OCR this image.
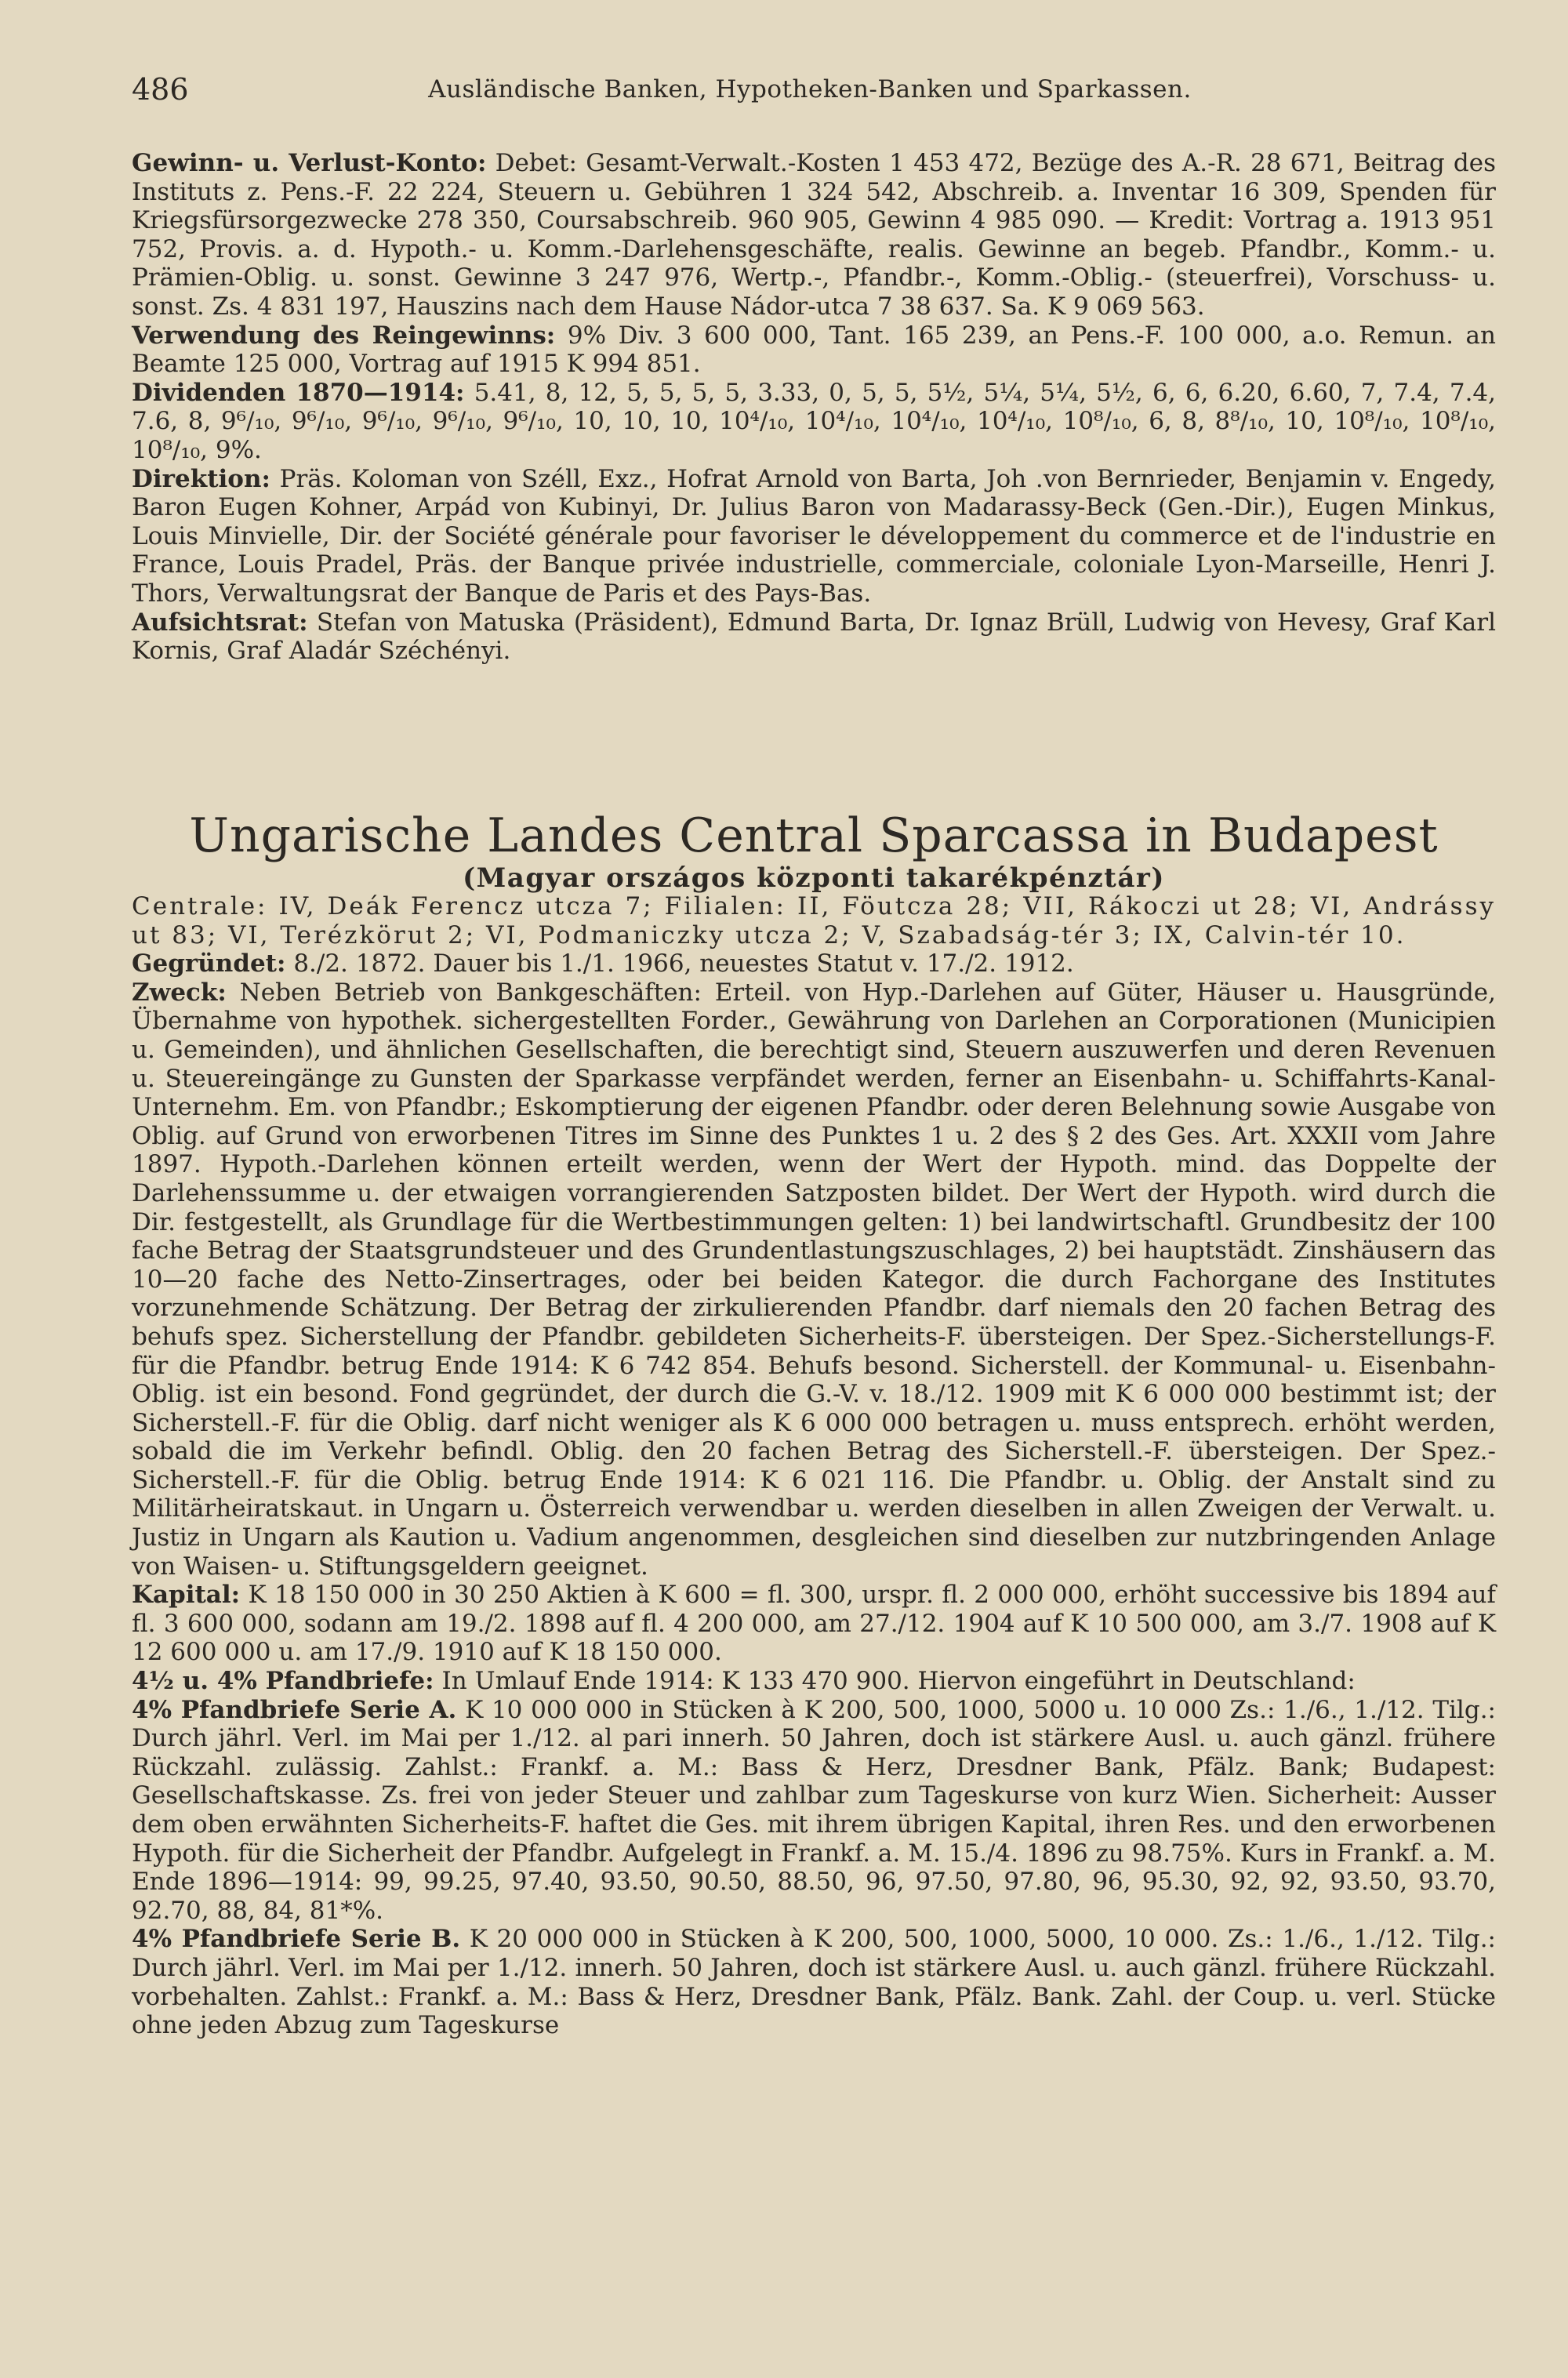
486	Ausländische Banken, Hypotheken-Banken und Sparkassen.

Gewinn- u. Verlust-Konto: Debet: Gesamt-Verwalt.-Kosten 1 453 472, Bezüge des A.-R. 28 671, Beitrag des Instituts z. Pens.-F. 22 224, Steuern u. Gebühren 1 324 542, Abschreib. a. Inventar 16 309, Spenden für Kriegsfürsorgezwecke 278 350, Coursabschreib. 960 905, Gewinn 4 985 090. — Kredit: Vortrag a. 1913 951 752, Provis. a. d. Hypoth.- u. Komm.-Darlehensgeschäfte, realis. Gewinne an begeb. Pfandbr., Komm.- u. Prämien-Oblig. u. sonst. Gewinne 3 247 976, Wertp.-, Pfandbr.-, Komm.-Oblig.- (steuerfrei), Vorschuss- u. sonst. Zs. 4 831 197, Hauszins nach dem Hause Nádor-utca 7 38 637. Sa. K 9 069 563.

Verwendung des Reingewinns: 9% Div. 3 600 000, Tant. 165 239, an Pens.-F. 100 000, a.o. Remun. an Beamte 125 000, Vortrag auf 1915 K 994 851.

Dividenden 1870—1914: 5.41, 8, 12, 5, 5, 5, 5, 3.33, 0, 5, 5, 5½, 5¼, 5¼, 5½, 6, 6, 6.20, 6.60, 7, 7.4, 7.4, 7.6, 8, 9⁶/₁₀, 9⁶/₁₀, 9⁶/₁₀, 9⁶/₁₀, 9⁶/₁₀, 10, 10, 10, 10⁴/₁₀, 10⁴/₁₀, 10⁴/₁₀, 10⁴/₁₀, 10⁸/₁₀, 6, 8, 8⁸/₁₀, 10, 10⁸/₁₀, 10⁸/₁₀, 10⁸/₁₀, 9%.

Direktion: Präs. Koloman von Széll, Exz., Hofrat Arnold von Barta, Joh .von Bernrieder, Benjamin v. Engedy, Baron Eugen Kohner, Arpád von Kubinyi, Dr. Julius Baron von Madarassy-Beck (Gen.-Dir.), Eugen Minkus, Louis Minvielle, Dir. der Société générale pour favoriser le développement du commerce et de l'industrie en France, Louis Pradel, Präs. der Banque privée industrielle, commerciale, coloniale Lyon-Marseille, Henri J. Thors, Verwaltungsrat der Banque de Paris et des Pays-Bas.

Aufsichtsrat: Stefan von Matuska (Präsident), Edmund Barta, Dr. Ignaz Brüll, Ludwig von Hevesy, Graf Karl Kornis, Graf Aladár Széchényi.

Ungarische Landes Central Sparcassa in Budapest
(Magyar országos központi takarékpénztár)

Centrale: IV, Deák Ferencz utcza 7; Filialen: II, Föutcza 28; VII, Rákoczi ut 28; VI, Andrássy ut 83; VI, Terézkörut 2; VI, Podmaniczky utcza 2; V, Szabadság-tér 3; IX, Calvin-tér 10.

Gegründet: 8./2. 1872. Dauer bis 1./1. 1966, neuestes Statut v. 17./2. 1912.

Zweck: Neben Betrieb von Bankgeschäften: Erteil. von Hyp.-Darlehen auf Güter, Häuser u. Hausgründe, Übernahme von hypothek. sichergestellten Forder., Gewährung von Darlehen an Corporationen (Municipien u. Gemeinden), und ähnlichen Gesellschaften, die berechtigt sind, Steuern auszuwerfen und deren Revenuen u. Steuereingänge zu Gunsten der Sparkasse verpfändet werden, ferner an Eisenbahn- u. Schiffahrts-Kanal-Unternehm. Em. von Pfandbr.; Eskomptierung der eigenen Pfandbr. oder deren Belehnung sowie Ausgabe von Oblig. auf Grund von erworbenen Titres im Sinne des Punktes 1 u. 2 des § 2 des Ges. Art. XXXII vom Jahre 1897. Hypoth.-Darlehen können erteilt werden, wenn der Wert der Hypoth. mind. das Doppelte der Darlehenssumme u. der etwaigen vorrangierenden Satzposten bildet. Der Wert der Hypoth. wird durch die Dir. festgestellt, als Grundlage für die Wertbestimmungen gelten: 1) bei landwirtschaftl. Grundbesitz der 100 fache Betrag der Staatsgrundsteuer und des Grundentlastungszuschlages, 2) bei hauptstädt. Zinshäusern das 10—20 fache des Netto-Zinsertrages, oder bei beiden Kategor. die durch Fachorgane des Institutes vorzunehmende Schätzung. Der Betrag der zirkulierenden Pfandbr. darf niemals den 20 fachen Betrag des behufs spez. Sicherstellung der Pfandbr. gebildeten Sicherheits-F. übersteigen. Der Spez.-Sicherstellungs-F. für die Pfandbr. betrug Ende 1914: K 6 742 854. Behufs besond. Sicherstell. der Kommunal- u. Eisenbahn-Oblig. ist ein besond. Fond gegründet, der durch die G.-V. v. 18./12. 1909 mit K 6 000 000 bestimmt ist; der Sicherstell.-F. für die Oblig. darf nicht weniger als K 6 000 000 betragen u. muss entsprech. erhöht werden, sobald die im Verkehr befindl. Oblig. den 20 fachen Betrag des Sicherstell.-F. übersteigen. Der Spez.-Sicherstell.-F. für die Oblig. betrug Ende 1914: K 6 021 116. Die Pfandbr. u. Oblig. der Anstalt sind zu Militärheiratskaut. in Ungarn u. Österreich verwendbar u. werden dieselben in allen Zweigen der Verwalt. u. Justiz in Ungarn als Kaution u. Vadium angenommen, desgleichen sind dieselben zur nutzbringenden Anlage von Waisen- u. Stiftungsgeldern geeignet.

Kapital: K 18 150 000 in 30 250 Aktien à K 600 = fl. 300, urspr. fl. 2 000 000, erhöht successive bis 1894 auf fl. 3 600 000, sodann am 19./2. 1898 auf fl. 4 200 000, am 27./12. 1904 auf K 10 500 000, am 3./7. 1908 auf K 12 600 000 u. am 17./9. 1910 auf K 18 150 000.

4½ u. 4% Pfandbriefe: In Umlauf Ende 1914: K 133 470 900. Hiervon eingeführt in Deutschland:

4% Pfandbriefe Serie A. K 10 000 000 in Stücken à K 200, 500, 1000, 5000 u. 10 000 Zs.: 1./6., 1./12. Tilg.: Durch jährl. Verl. im Mai per 1./12. al pari innerh. 50 Jahren, doch ist stärkere Ausl. u. auch gänzl. frühere Rückzahl. zulässig. Zahlst.: Frankf. a. M.: Bass & Herz, Dresdner Bank, Pfälz. Bank; Budapest: Gesellschaftskasse. Zs. frei von jeder Steuer und zahlbar zum Tageskurse von kurz Wien. Sicherheit: Ausser dem oben erwähnten Sicherheits-F. haftet die Ges. mit ihrem übrigen Kapital, ihren Res. und den erworbenen Hypoth. für die Sicherheit der Pfandbr. Aufgelegt in Frankf. a. M. 15./4. 1896 zu 98.75%. Kurs in Frankf. a. M. Ende 1896—1914: 99, 99.25, 97.40, 93.50, 90.50, 88.50, 96, 97.50, 97.80, 96, 95.30, 92, 92, 93.50, 93.70, 92.70, 88, 84, 81*%.

4% Pfandbriefe Serie B. K 20 000 000 in Stücken à K 200, 500, 1000, 5000, 10 000. Zs.: 1./6., 1./12. Tilg.: Durch jährl. Verl. im Mai per 1./12. innerh. 50 Jahren, doch ist stärkere Ausl. u. auch gänzl. frühere Rückzahl. vorbehalten. Zahlst.: Frankf. a. M.: Bass & Herz, Dresdner Bank, Pfälz. Bank. Zahl. der Coup. u. verl. Stücke ohne jeden Abzug zum Tageskurse
